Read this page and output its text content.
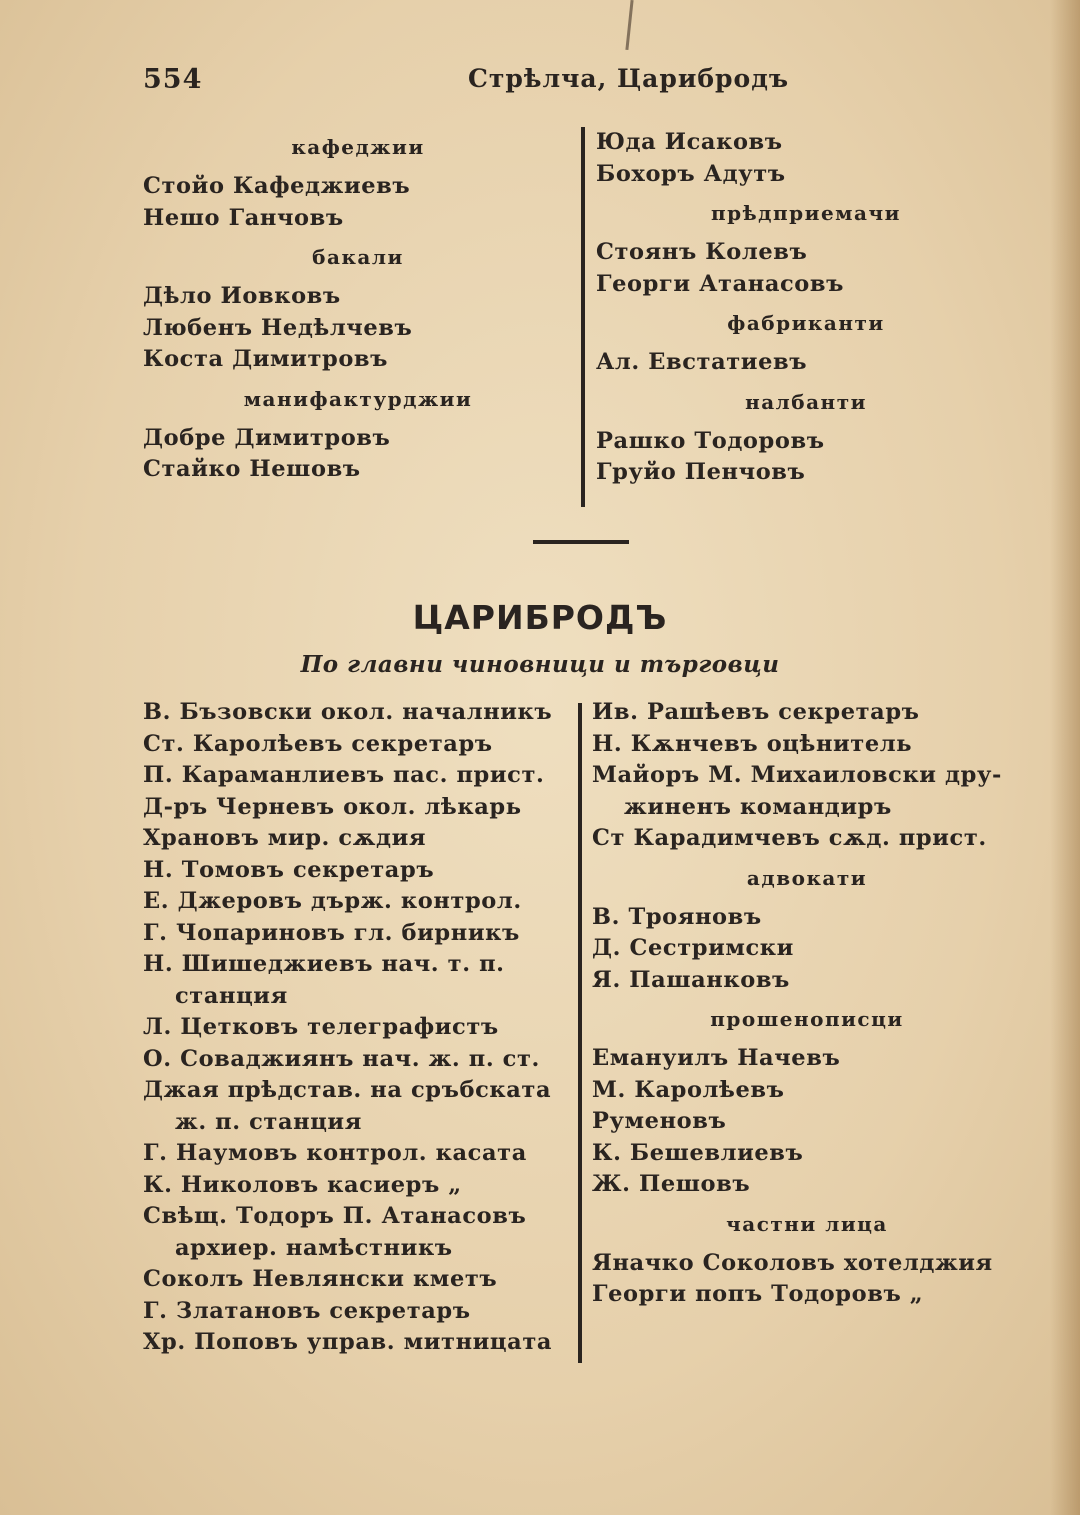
554	Стрѣлча, Царибродъ
кафеджии
Стойо Кафеджиевъ
Нешо Ганчовъ
бакали
Дѣло Иовковъ
Любенъ Недѣлчевъ
Коста Димитровъ
манифактурджии
Добре Димитровъ
Стайко Нешовъ
Юда Исаковъ
Бохоръ Адутъ
прѣдприемачи
Стоянъ Колевъ
Георги Атанасовъ
фабриканти
Ал. Евстатиевъ
налбанти
Рашко Тодоровъ
Груйо Пенчовъ
ЦАРИБРОДЪ
По главни чиновници и търговци
В. Бъзовски окол. началникъ
Ст. Каролѣевъ секретаръ
П. Караманлиевъ пас. прист.
Д-ръ Черневъ окол. лѣкарь
Храновъ мир. сѫдия
Н. Томовъ секретаръ
Е. Джеровъ държ. контрол.
Г. Чопариновъ гл. бирникъ
Н. Шишеджиевъ нач. т. п.
станция
Л. Цетковъ телеграфистъ
О. Соваджиянъ нач. ж. п. ст.
Джая прѣдстав. на сръбската
ж. п. станция
Г. Наумовъ контрол. касата
К. Николовъ касиеръ „
Свѣщ. Тодоръ П. Атанасовъ
архиер. намѣстникъ
Соколъ Невлянски кметъ
Г. Златановъ секретаръ
Хр. Поповъ управ. митницата
Ив. Рашѣевъ секретаръ
Н. Кѫнчевъ оцѣнитель
Майоръ М. Михаиловски дру-
жиненъ командиръ
Ст Карадимчевъ сѫд. прист.
адвокати
В. Трояновъ
Д. Сестримски
Я. Пашанковъ
прошенописци
Емануилъ Начевъ
М. Каролѣевъ
Руменовъ
К. Бешевлиевъ
Ж. Пешовъ
частни лица
Яначко Соколовъ хотелджия
Георги попъ Тодоровъ „
